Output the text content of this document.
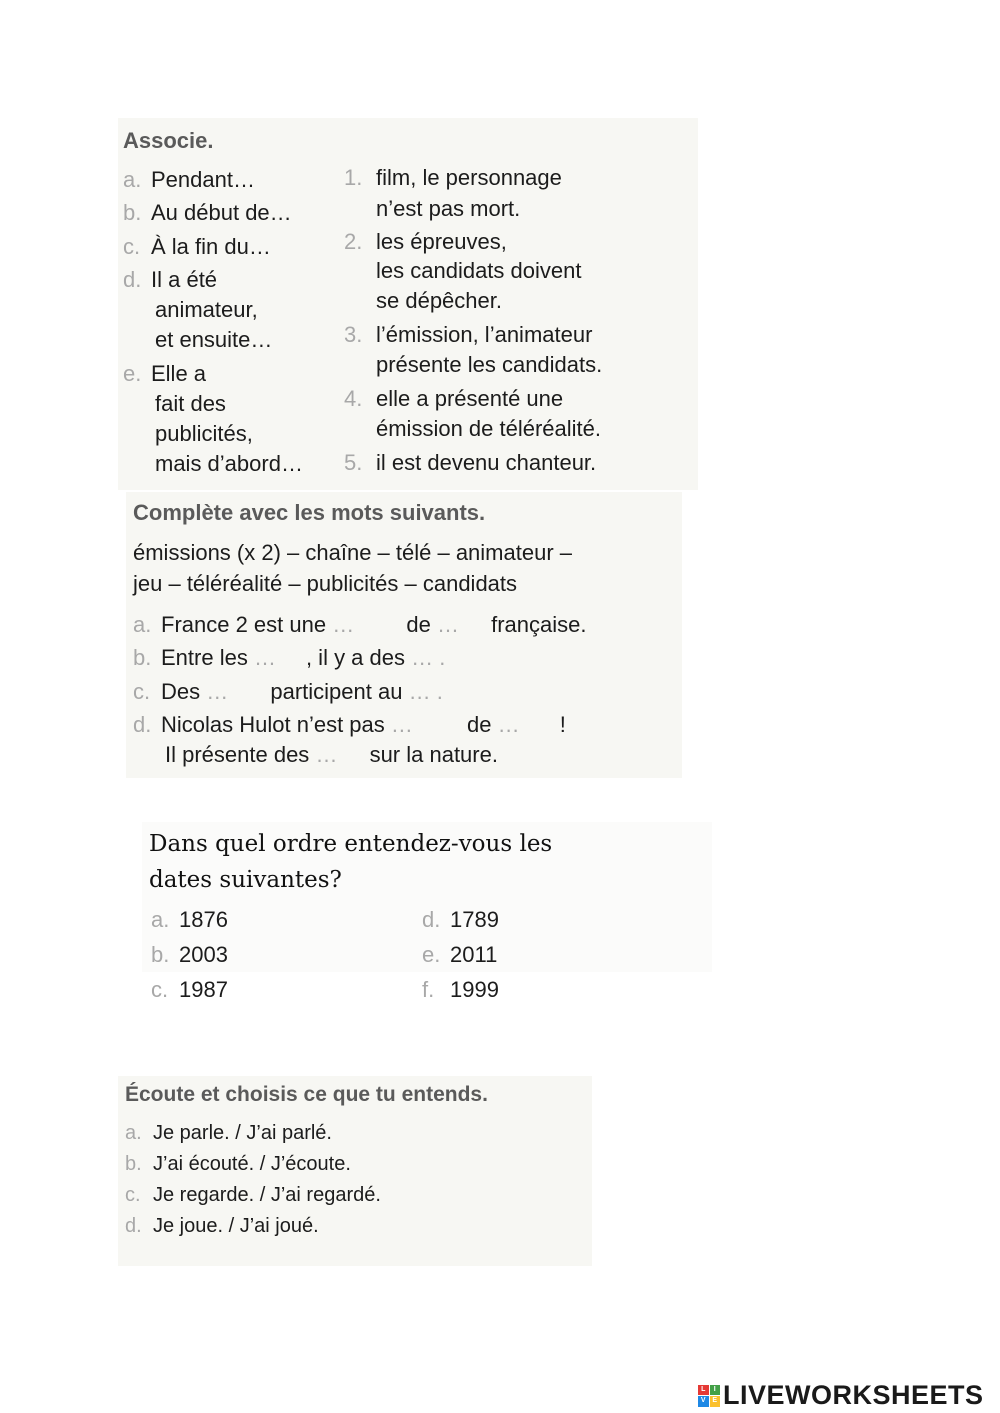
Associe.
a. Pendant…
b. Au début de…
c. À la fin du…
d. Il a été
animateur,
et ensuite…
e. Elle a
fait des
publicités,
mais d’abord…
1. film, le personnage
n’est pas mort.
2. les épreuves,
les candidats doivent
se dépêcher.
3. l’émission, l’animateur
présente les candidats.
4. elle a présenté une
émission de téléréalité.
5. il est devenu chanteur.
Complète avec les mots suivants.
émissions (x 2) – chaîne – télé – animateur –
jeu – téléréalité – publicités – candidats
a. France 2 est une … de … française.
b. Entre les … , il y a des … .
c. Des … participent au … .
d. Nicolas Hulot n’est pas … de … !
Il présente des … sur la nature.
Dans quel ordre entendez-vous les
dates suivantes?
a. 1876
b. 2003
c. 1987
d. 1789
e. 2011
f. 1999
Écoute et choisis ce que tu entends.
a. Je parle. / J’ai parlé.
b. J’ai écouté. / J’écoute.
c. Je regarde. / J’ai regardé.
d. Je joue. / J’ai joué.
L	I
V E LIVEWORKSHEETS
